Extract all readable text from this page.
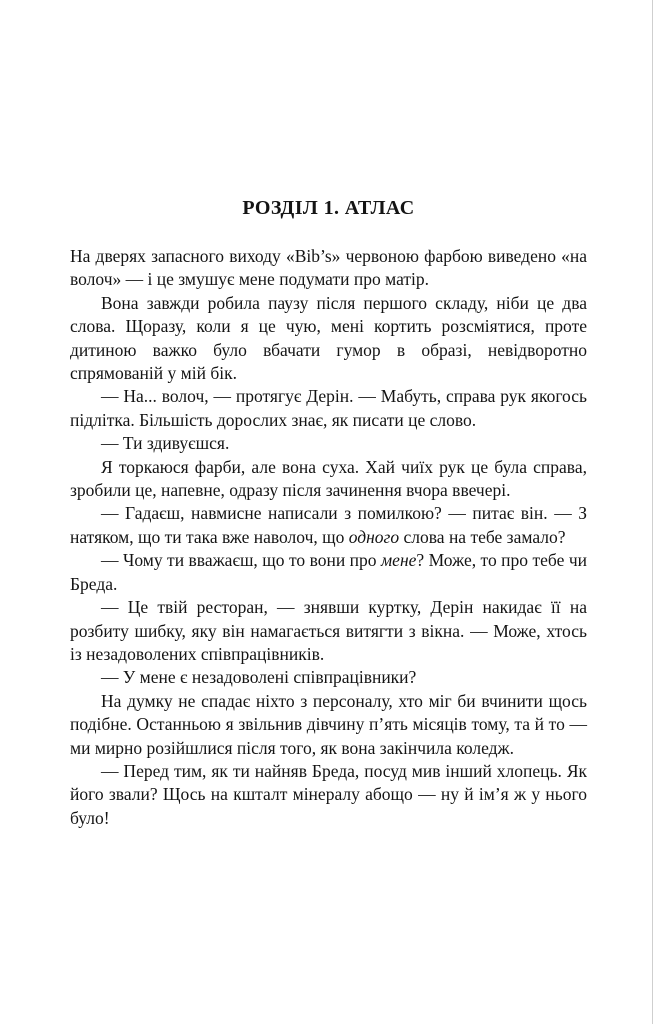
РОЗДІЛ 1. АТЛАС

На дверях запасного виходу «Bib’s» червоною фарбою виведено «на волоч» — і це змушує мене подумати про матір.

Вона завжди робила паузу після першого складу, ніби це два слова. Щоразу, коли я це чую, мені кортить розсміятися, проте дитиною важко було вбачати гумор в образі, невідворотно спрямованій у мій бік.

— На... волоч, — протягує Дерін. — Мабуть, справа рук якогось підлітка. Більшість дорослих знає, як писати це слово.

— Ти здивуєшся.

Я торкаюся фарби, але вона суха. Хай чиїх рук це була справа, зробили це, напевне, одразу після зачинення вчора ввечері.

— Гадаєш, навмисне написали з помилкою? — питає він. — З натяком, що ти така вже наволоч, що одного слова на тебе замало?

— Чому ти вважаєш, що то вони про мене? Може, то про тебе чи Бреда.

— Це твій ресторан, — знявши куртку, Дерін накидає її на розбиту шибку, яку він намагається витягти з вікна. — Може, хтось із незадоволених співпрацівників.

— У мене є незадоволені співпрацівники?

На думку не спадає ніхто з персоналу, хто міг би вчинити щось подібне. Останньою я звільнив дівчину п’ять місяців тому, та й то — ми мирно розійшлися після того, як вона закінчила коледж.

— Перед тим, як ти найняв Бреда, посуд мив інший хлопець. Як його звали? Щось на кшталт мінералу абощо — ну й ім’я ж у нього було!
